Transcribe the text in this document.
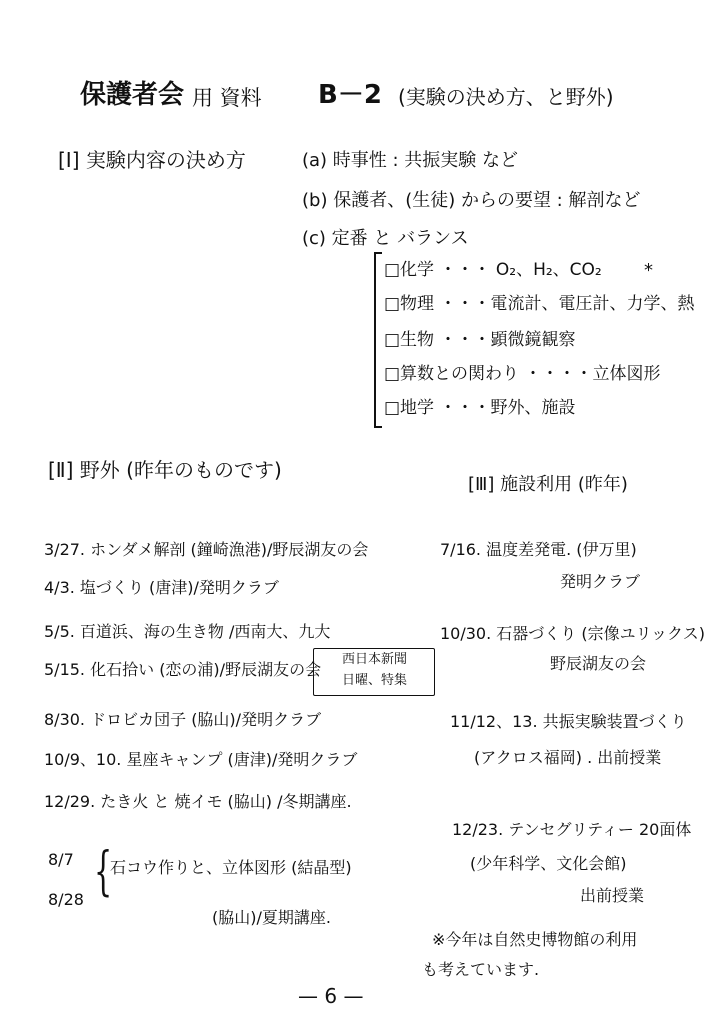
保護者会 用 資料 B－2 (実験の決め方、と野外)
[Ⅰ] 実験内容の決め方	(a) 時事性 : 共振実験 など
(b) 保護者、(生徒) からの要望 : 解剖など
(c) 定番 と バランス
□化学 ・・・ O₂、H₂、CO₂ *
□物理 ・・・電流計、電圧計、力学、熱
□生物 ・・・顕微鏡観察
□算数との関わり ・・・・立体図形
□地学 ・・・野外、施設
[Ⅱ] 野外 (昨年のものです)
3/27. ホンダメ解剖 (鐘崎漁港)/野辰湖友の会
4/3. 塩づくり (唐津)/発明クラブ
5/5. 百道浜、海の生き物 /西南大、九大
5/15. 化石拾い (恋の浦)/野辰湖友の会
西日本新聞
日曜、特集
8/30. ドロビカ団子 (脇山)/発明クラブ
10/9、10. 星座キャンプ (唐津)/発明クラブ
12/29. たき火 と 焼イモ (脇山) /冬期講座.
8/7
8/28 {
石コウ作りと、立体図形 (結晶型)
(脇山)/夏期講座.
[Ⅲ] 施設利用 (昨年)
7/16. 温度差発電. (伊万里)
発明クラブ
10/30. 石器づくり (宗像ユリックス)
野辰湖友の会
11/12、13. 共振実験装置づくり
(アクロス福岡) . 出前授業
12/23. テンセグリティー 20面体
(少年科学、文化会館)
出前授業
※今年は自然史博物館の利用
も考えています.
— 6 —
